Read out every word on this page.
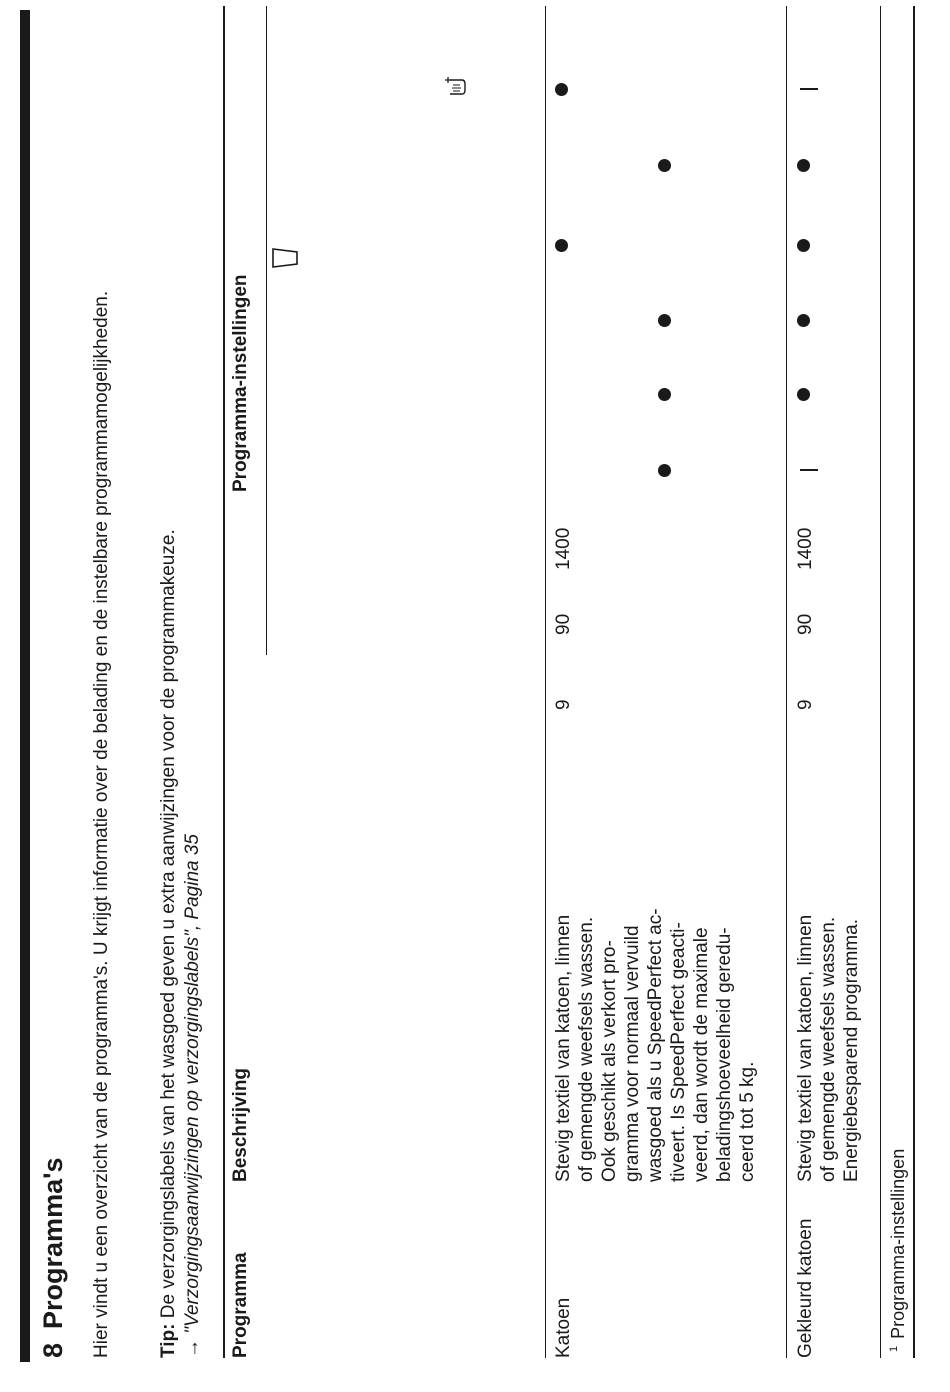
8Programma's Hier vindt u een overzicht van de programma's. U krijgt informatie over de belading en de instelbare programmamogelijkheden. Tip: De verzorgingslabels van het wasgoed geven u extra aanwijzingen voor de programmakeuze.
→ "Verzorgingsaanwijzingen op verzorgingslabels", Pagina 35
Programma
Beschrijving
Programma-instellingen
Katoen
Stevig textiel van katoen, linnen of gemengde weefsels wassen. Ook geschikt als verkort pro- gramma voor normaal vervuild wasgoed als u SpeedPerfect ac- tiveert. Is SpeedPerfect geacti- veerd, dan wordt de maximale beladingshoeveelheid geredu- ceerd tot 5 kg.
9
90
1400
Gekleurd katoen
Stevig textiel van katoen, linnen of gemengde weefsels wassen. Energiebesparend programma.
9
90
1400
$^1$Programma-instellingen
